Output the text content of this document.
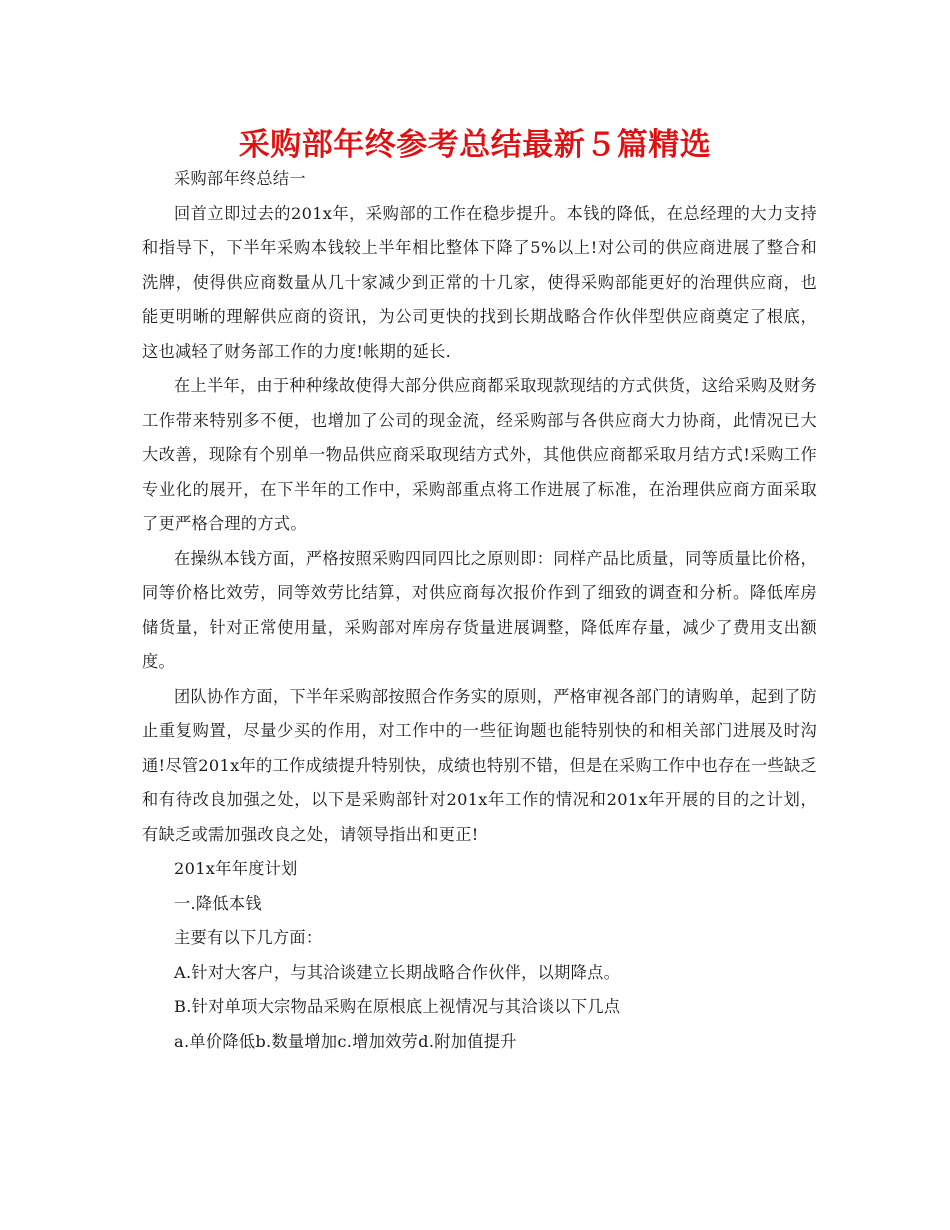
采购部年终参考总结最新５篇精选

采购部年终总结一

回首立即过去的201x年，采购部的工作在稳步提升。本钱的降低，在总经理的大力支持和指导下，下半年采购本钱较上半年相比整体下降了5%以上!对公司的供应商进展了整合和洗牌，使得供应商数量从几十家减少到正常的十几家，使得采购部能更好的治理供应商，也能更明晰的理解供应商的资讯，为公司更快的找到长期战略合作伙伴型供应商奠定了根底，这也减轻了财务部工作的力度!帐期的延长.

在上半年，由于种种缘故使得大部分供应商都采取现款现结的方式供货，这给采购及财务工作带来特别多不便，也增加了公司的现金流，经采购部与各供应商大力协商，此情况已大大改善，现除有个别单一物品供应商采取现结方式外，其他供应商都采取月结方式!采购工作专业化的展开，在下半年的工作中，采购部重点将工作进展了标准，在治理供应商方面采取了更严格合理的方式。

在操纵本钱方面，严格按照采购四同四比之原则即：同样产品比质量，同等质量比价格，同等价格比效劳，同等效劳比结算，对供应商每次报价作到了细致的调查和分析。降低库房储货量，针对正常使用量，采购部对库房存货量进展调整，降低库存量，减少了费用支出额度。

团队协作方面，下半年采购部按照合作务实的原则，严格审视各部门的请购单，起到了防止重复购置，尽量少买的作用，对工作中的一些征询题也能特别快的和相关部门进展及时沟通!尽管201x年的工作成绩提升特别快，成绩也特别不错，但是在采购工作中也存在一些缺乏和有待改良加强之处，以下是采购部针对201x年工作的情况和201x年开展的目的之计划，有缺乏或需加强改良之处，请领导指出和更正!

201x年年度计划

一.降低本钱

主要有以下几方面：

A.针对大客户，与其洽谈建立长期战略合作伙伴，以期降点。

B.针对单项大宗物品采购在原根底上视情况与其洽谈以下几点

a.单价降低b.数量增加c.增加效劳d.附加值提升
